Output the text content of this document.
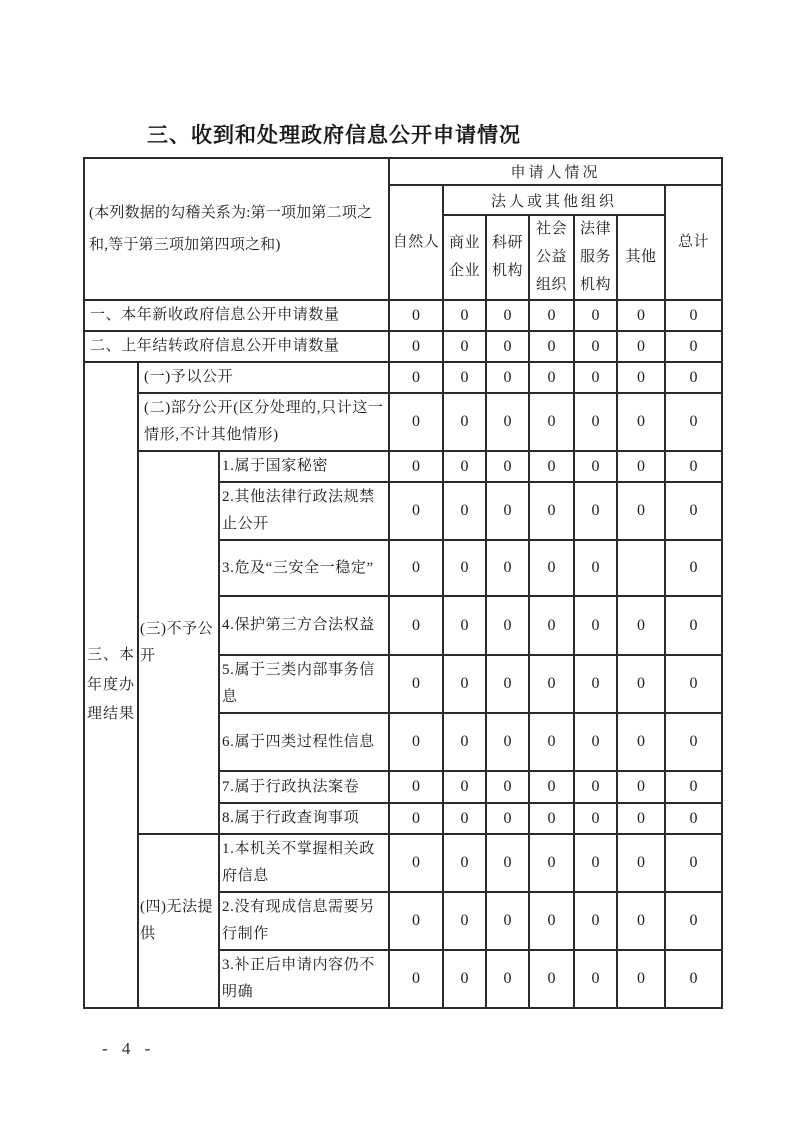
三、收到和处理政府信息公开申请情况
(本列数据的勾稽关系为:第一项加第二项之和,等于第三项加第四项之和)			申请人情况						
			自然人	法人或其他组织					总计
				商业企业	科研机构	社会公益组织	法律服务机构	其他	
一、本年新收政府信息公开申请数量			0	0	0	0	0	0	0
二、上年结转政府信息公开申请数量			0	0	0	0	0	0	0
三、本年度办理结果	(一)予以公开		0	0	0	0	0	0	0
	(二)部分公开(区分处理的,只计这一情形,不计其他情形)		0	0	0	0	0	0	0
	(三)不予公开	1.属于国家秘密	0	0	0	0	0	0	0
		2.其他法律行政法规禁止公开	0	0	0	0	0	0	0
		3.危及“三安全一稳定”	0	0	0	0	0		0
		4.保护第三方合法权益	0	0	0	0	0	0	0
		5.属于三类内部事务信息	0	0	0	0	0	0	0
		6.属于四类过程性信息	0	0	0	0	0	0	0
		7.属于行政执法案卷	0	0	0	0	0	0	0
		8.属于行政查询事项	0	0	0	0	0	0	0
	(四)无法提供	1.本机关不掌握相关政府信息	0	0	0	0	0	0	0
		2.没有现成信息需要另行制作	0	0	0	0	0	0	0
		3.补正后申请内容仍不明确	0	0	0	0	0	0	0
- 4 -
